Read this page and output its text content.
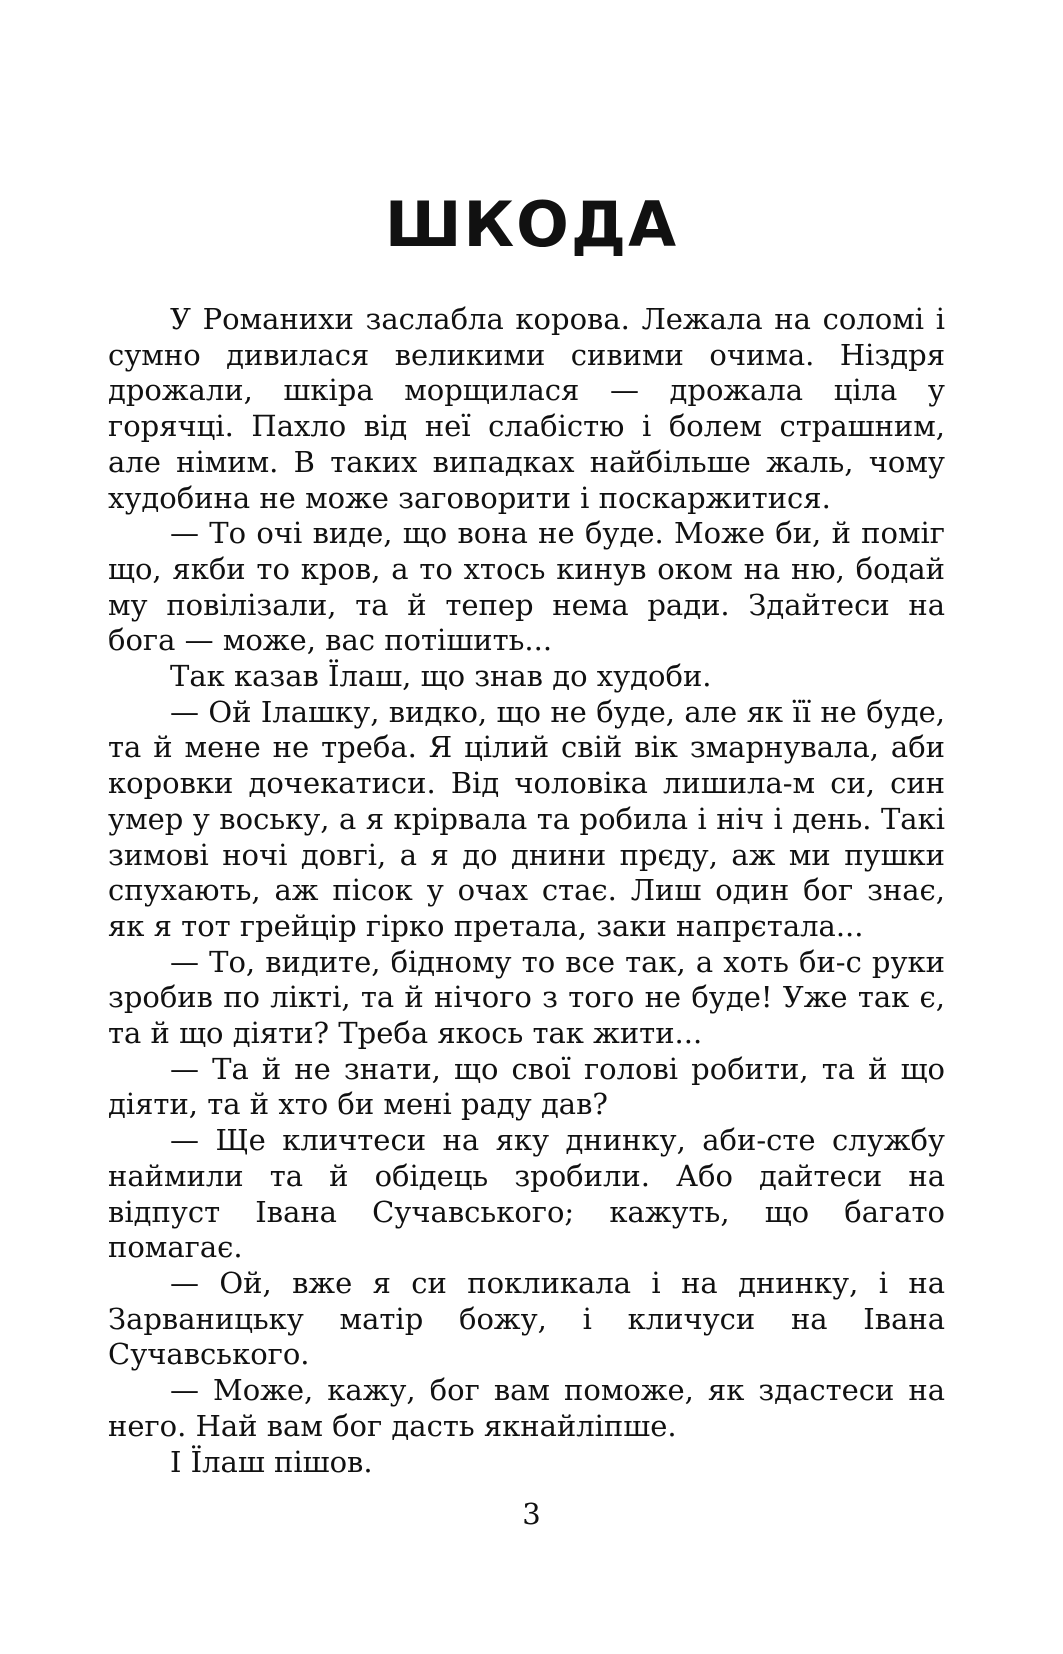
ШКОДА

У Романихи заслабла корова. Лежала на соломі і сумно дивилася великими сивими очима. Ніздря дрожали, шкіра морщилася — дрожала ціла у горячці. Пахло від неї слабістю і болем страшним, але німим. В таких випадках найбільше жаль, чому худобина не може заговорити і поскаржитися.

— То очі виде, що вона не буде. Може би, й поміг що, якби то кров, а то хтось кинув оком на ню, бодай му повілізали, та й тепер нема ради. Здайтеси на бога — може, вас потішить...

Так казав Їлаш, що знав до худоби.

— Ой Ілашку, видко, що не буде, але як її не буде, та й мене не треба. Я цілий свій вік змарнувала, аби коровки дочекатиси. Від чоловіка лишила-м си, син умер у воську, а я крірвала та робила і ніч і день. Такі зимові ночі довгі, а я до днини прєду, аж ми пушки спухають, аж пісок у очах стає. Лиш один бог знає, як я тот грейцір гірко претала, заки напрєтала...

— То, видите, бідному то все так, а хоть би-с руки зробив по лікті, та й нічого з того не буде! Уже так є, та й що діяти? Треба якось так жити...

— Та й не знати, що свої голові робити, та й що діяти, та й хто би мені раду дав?

— Ще кличтеси на яку днинку, аби-сте службу наймили та й обідець зробили. Або дайтеси на відпуст Івана Сучавського; кажуть, що багато помагає.

— Ой, вже я си покликала і на днинку, і на Зарваницьку матір божу, і кличуси на Івана Сучавського.

— Може, кажу, бог вам поможе, як здастеси на него. Най вам бог дасть якнайліпше.

І Їлаш пішов.

3
